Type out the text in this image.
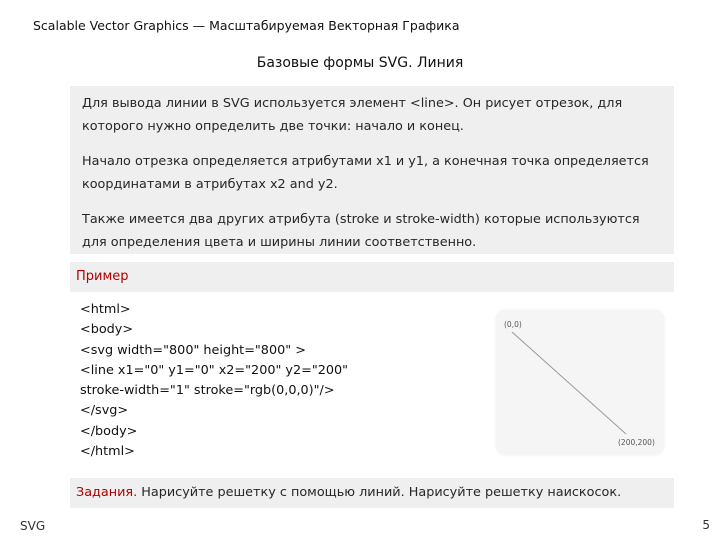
Scalable Vector Graphics — Масштабируемая Векторная Графика
Базовые формы SVG. Линия

Для вывода линии в SVG используется элемент <line>. Он рисует отрезок, для которого нужно определить две точки: начало и конец.

Начало отрезка определяется атрибутами x1 и y1, а конечная точка определяется координатами в атрибутах x2 and y2.

Также имеется два других атрибута (stroke и stroke-width) которые используются для определения цвета и ширины линии соответственно.

Пример
<html>
<body>
<svg width="800" height="800" >
<line x1="0" y1="0" x2="200" y2="200"
stroke-width="1" stroke="rgb(0,0,0)"/>
</svg>
</body>
</html>
(0,0)
(200,200)
Задания. Нарисуйте решетку с помощью линий. Нарисуйте решетку наискосок.
SVG	5
